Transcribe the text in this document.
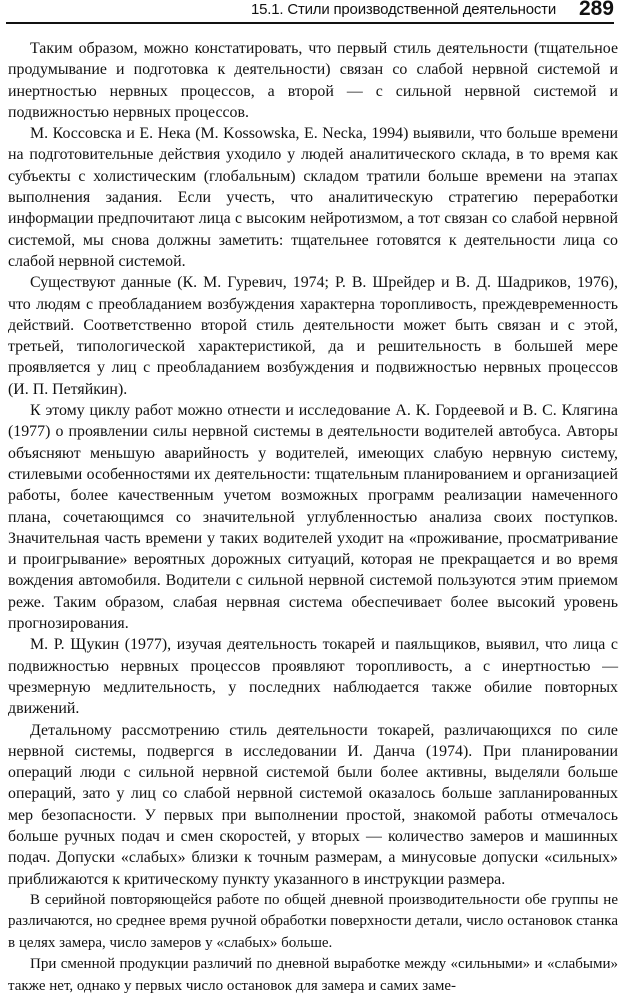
15.1. Стили производственной деятельности 289

Таким образом, можно констатировать, что первый стиль деятельности (тщательное продумывание и подготовка к деятельности) связан со слабой нервной системой и инертностью нервных процессов, а второй — с сильной нервной системой и подвижностью нервных процессов.

М. Коссовска и Е. Нека (М. Kossowska, E. Necka, 1994) выявили, что больше времени на подготовительные действия уходило у людей аналитического склада, в то время как субъекты с холистическим (глобальным) складом тратили больше времени на этапах выполнения задания. Если учесть, что аналитическую стратегию переработки информации предпочитают лица с высоким нейротизмом, а тот связан со слабой нервной системой, мы снова должны заметить: тщательнее готовятся к деятельности лица со слабой нервной системой.

Существуют данные (К. М. Гуревич, 1974; Р. В. Шрейдер и В. Д. Шадриков, 1976), что людям с преобладанием возбуждения характерна торопливость, преждевременность действий. Соответственно второй стиль деятельности может быть связан и с этой, третьей, типологической характеристикой, да и решительность в большей мере проявляется у лиц с преобладанием возбуждения и подвижностью нервных процессов (И. П. Петяйкин).

К этому циклу работ можно отнести и исследование А. К. Гордеевой и В. С. Клягина (1977) о проявлении силы нервной системы в деятельности водителей автобуса. Авторы объясняют меньшую аварийность у водителей, имеющих слабую нервную систему, стилевыми особенностями их деятельности: тщательным планированием и организацией работы, более качественным учетом возможных программ реализации намеченного плана, сочетающимся со значительной углубленностью анализа своих поступков. Значительная часть времени у таких водителей уходит на «проживание, просматривание и проигрывание» вероятных дорожных ситуаций, которая не прекращается и во время вождения автомобиля. Водители с сильной нервной системой пользуются этим приемом реже. Таким образом, слабая нервная система обеспечивает более высокий уровень прогнозирования.

М. Р. Щукин (1977), изучая деятельность токарей и паяльщиков, выявил, что лица с подвижностью нервных процессов проявляют торопливость, а с инертностью — чрезмерную медлительность, у последних наблюдается также обилие повторных движений.

Детальному рассмотрению стиль деятельности токарей, различающихся по силе нервной системы, подвергся в исследовании И. Данча (1974). При планировании операций люди с сильной нервной системой были более активны, выделяли больше операций, зато у лиц со слабой нервной системой оказалось больше запланированных мер безопасности. У первых при выполнении простой, знакомой работы отмечалось больше ручных подач и смен скоростей, у вторых — количество замеров и машинных подач. Допуски «слабых» близки к точным размерам, а минусовые допуски «сильных» приближаются к критическому пункту указанного в инструкции размера.

В серийной повторяющейся работе по общей дневной производительности обе группы не различаются, но среднее время ручной обработки поверхности детали, число остановок станка в целях замера, число замеров у «слабых» больше.

При сменной продукции различий по дневной выработке между «сильными» и «слабыми» также нет, однако у первых число остановок для замера и самих заме-
